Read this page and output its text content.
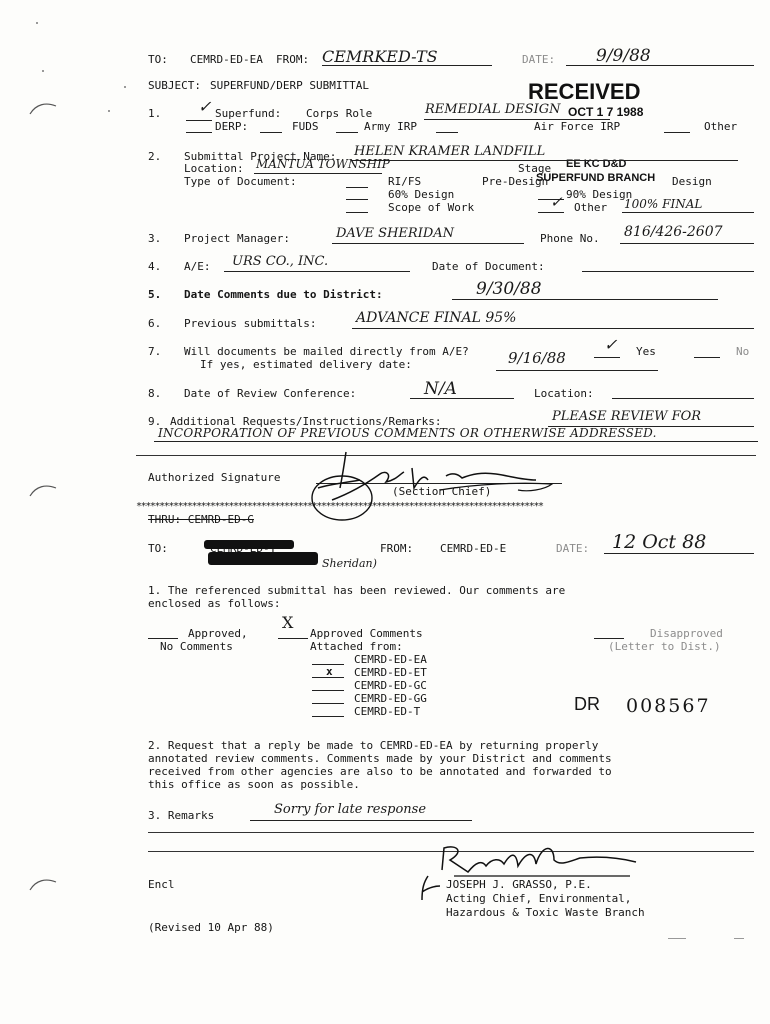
TO: CEMRD-ED-EA FROM: CEMRKED-TS	DATE: 9/9/88
SUBJECT: SUPERFUND/DERP SUBMITTAL	RECEIVED
OCT 1 7 1988
EE KC D&D
SUPERFUND BRANCH
1. ✓ Superfund: Corps Role	REMEDIAL DESIGN
DERP:	FUDS	Army IRP	Air Force IRP	Other
2. Submittal Project Name: HELEN KRAMER LANDFILL
Location: MANTUA TOWNSHIP	Stage
Type of Document:	RI/FS	Pre-Design	Design
60% Design	90% Design
Scope of Work	✓ Other 100% FINAL
3. Project Manager:	DAVE SHERIDAN	Phone No. 816/426-2607
4. A/E: URS CO., INC.	Date of Document:
5. Date Comments due to District:	9/30/88
6. Previous submittals:	ADVANCE FINAL 95%
7. Will documents be mailed directly from A/E?	✓ Yes	No
If yes, estimated delivery date:	9/16/88
8. Date of Review Conference:	N/A	Location:
9. Additional Requests/Instructions/Remarks:	PLEASE REVIEW FOR
INCORPORATION OF PREVIOUS COMMENTS OR OTHERWISE ADDRESSED.
Authorized Signature
(Section Chief)
****************************************************************************************
THRU: CEMRD-ED-G
TO:
Sheridan)
FROM: CEMRD-ED-E	DATE: 12 Oct 88
1. The referenced submittal has been reviewed. Our comments are
enclosed as follows:
Approved,
No Comments
X
Approved Comments
Attached from:
Disapproved
(Letter to Dist.)
CEMRD-ED-EA
x CEMRD-ED-ET
CEMRD-ED-GC
CEMRD-ED-GG
CEMRD-ED-T	DR 008567
2. Request that a reply be made to CEMRD-ED-EA by returning properly
annotated review comments. Comments made by your District and comments
received from other agencies are also to be annotated and forwarded to
this office as soon as possible.
3. Remarks	Sorry for late response
Encl	JOSEPH J. GRASSO, P.E.
Acting Chief, Environmental,
Hazardous & Toxic Waste Branch
(Revised 10 Apr 88)
